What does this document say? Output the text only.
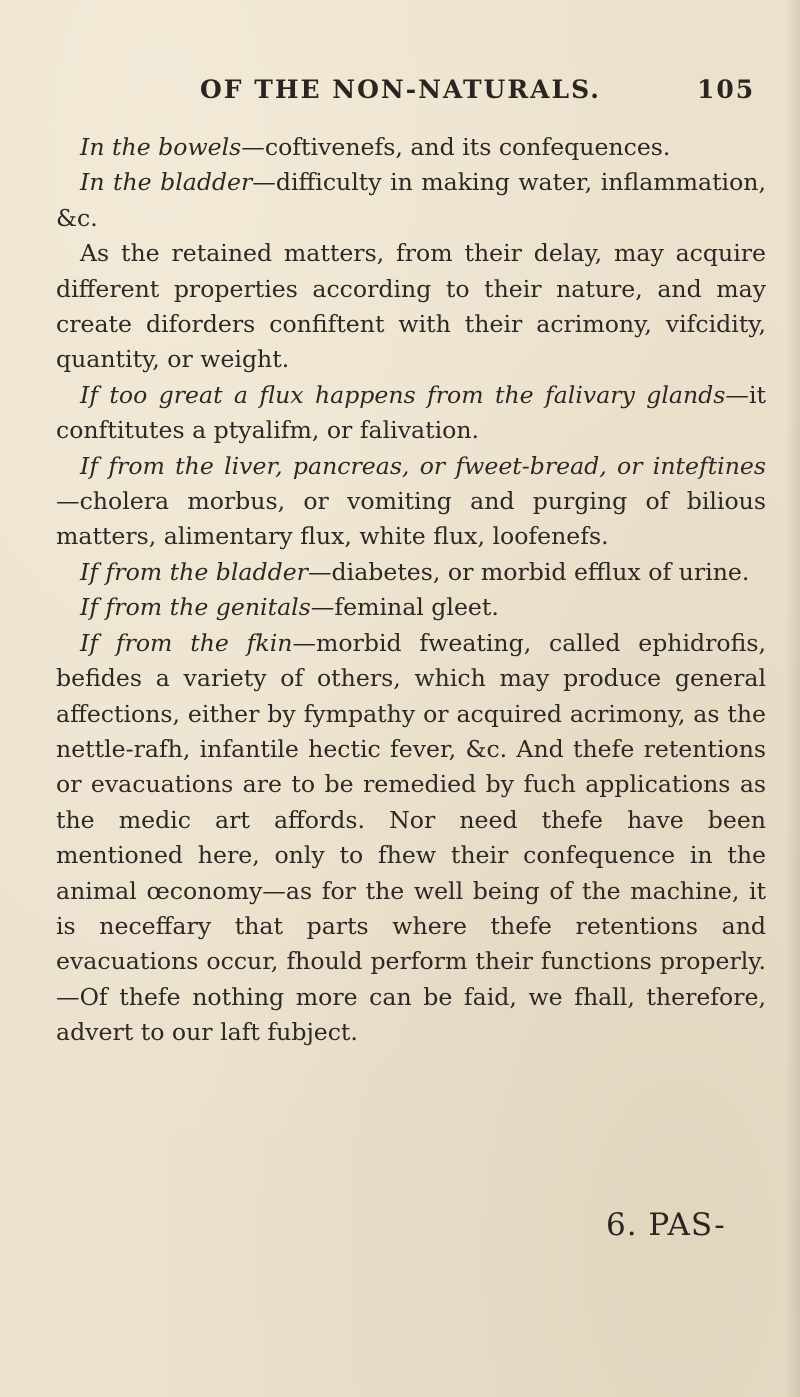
OF THE NON-NATURALS.	105

In the bowels—coftivenefs, and its confequences.

In the bladder—difficulty in making water, inflammation, &c.

As the retained matters, from their delay, may acquire different properties according to their nature, and may create diforders confiftent with their acrimony, vifcidity, quantity, or weight.

If too great a flux happens from the falivary glands—it conftitutes a ptyalifm, or falivation.

If from the liver, pancreas, or fweet-bread, or inteftines—cholera morbus, or vomiting and purging of bilious matters, alimentary flux, white flux, loofenefs.

If from the bladder—diabetes, or morbid efflux of urine.

If from the genitals—feminal gleet.

If from the fkin—morbid fweating, called ephidrofis, befides a variety of others, which may produce general affections, either by fympathy or acquired acrimony, as the nettle-rafh, infantile hectic fever, &c. And thefe retentions or evacuations are to be remedied by fuch applications as the medic art affords. Nor need thefe have been mentioned here, only to fhew their confequence in the animal œconomy—as for the well being of the machine, it is neceffary that parts where thefe retentions and evacuations occur, fhould perform their functions properly.—Of thefe nothing more can be faid, we fhall, therefore, advert to our laft fubject.

6. PAS-
